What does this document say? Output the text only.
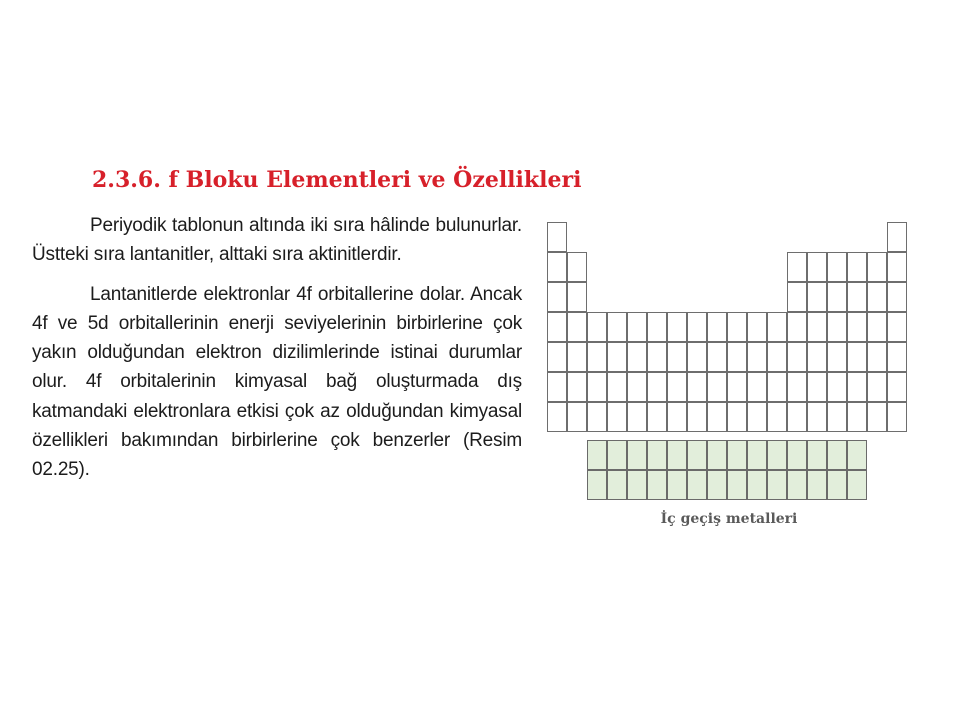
2.3.6. f Bloku Elementleri ve Özellikleri

Periyodik tablonun altında iki sıra hâlinde bulunurlar. Üstteki sıra lantanitler, alttaki sıra aktinitlerdir.

Lantanitlerde elektronlar 4f orbitallerine dolar. Ancak 4f ve 5d orbitallerinin enerji seviyelerinin birbirlerine çok yakın olduğundan elektron dizilimlerinde istinai durumlar olur. 4f orbitalerinin kimyasal bağ oluşturmada dış katmandaki elektronlara etkisi çok az olduğundan kimyasal özellikleri bakımından birbirlerine çok benzerler (Resim 02.25).

İç geçiş metalleri
